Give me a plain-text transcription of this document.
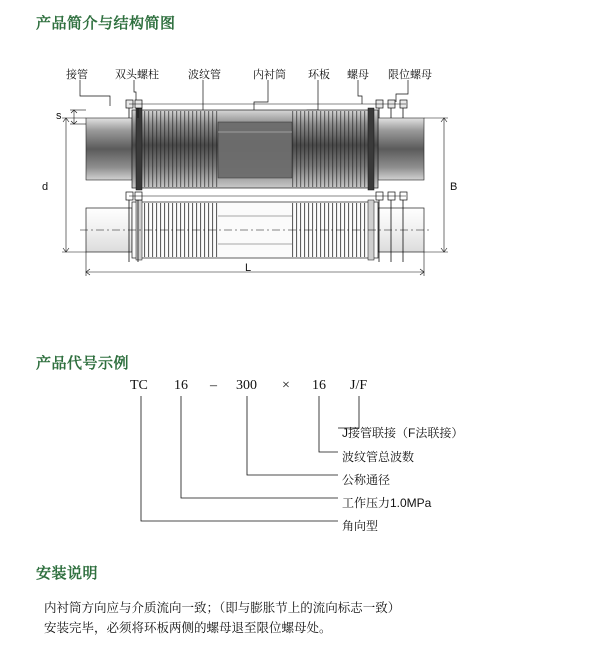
产品简介与结构简图
产品代号示例
安装说明
接管 双头螺柱	波纹管	内衬筒 环板 螺母 限位螺母
s
d	B
L
TC 16 – 300 × 16 J/F
J接管联接（F法联接）
波纹管总波数
公称通径
工作压力1.0MPa
角向型
内衬筒方向应与介质流向一致；（即与膨胀节上的流向标志一致）
安装完毕，必须将环板两侧的螺母退至限位螺母处。
